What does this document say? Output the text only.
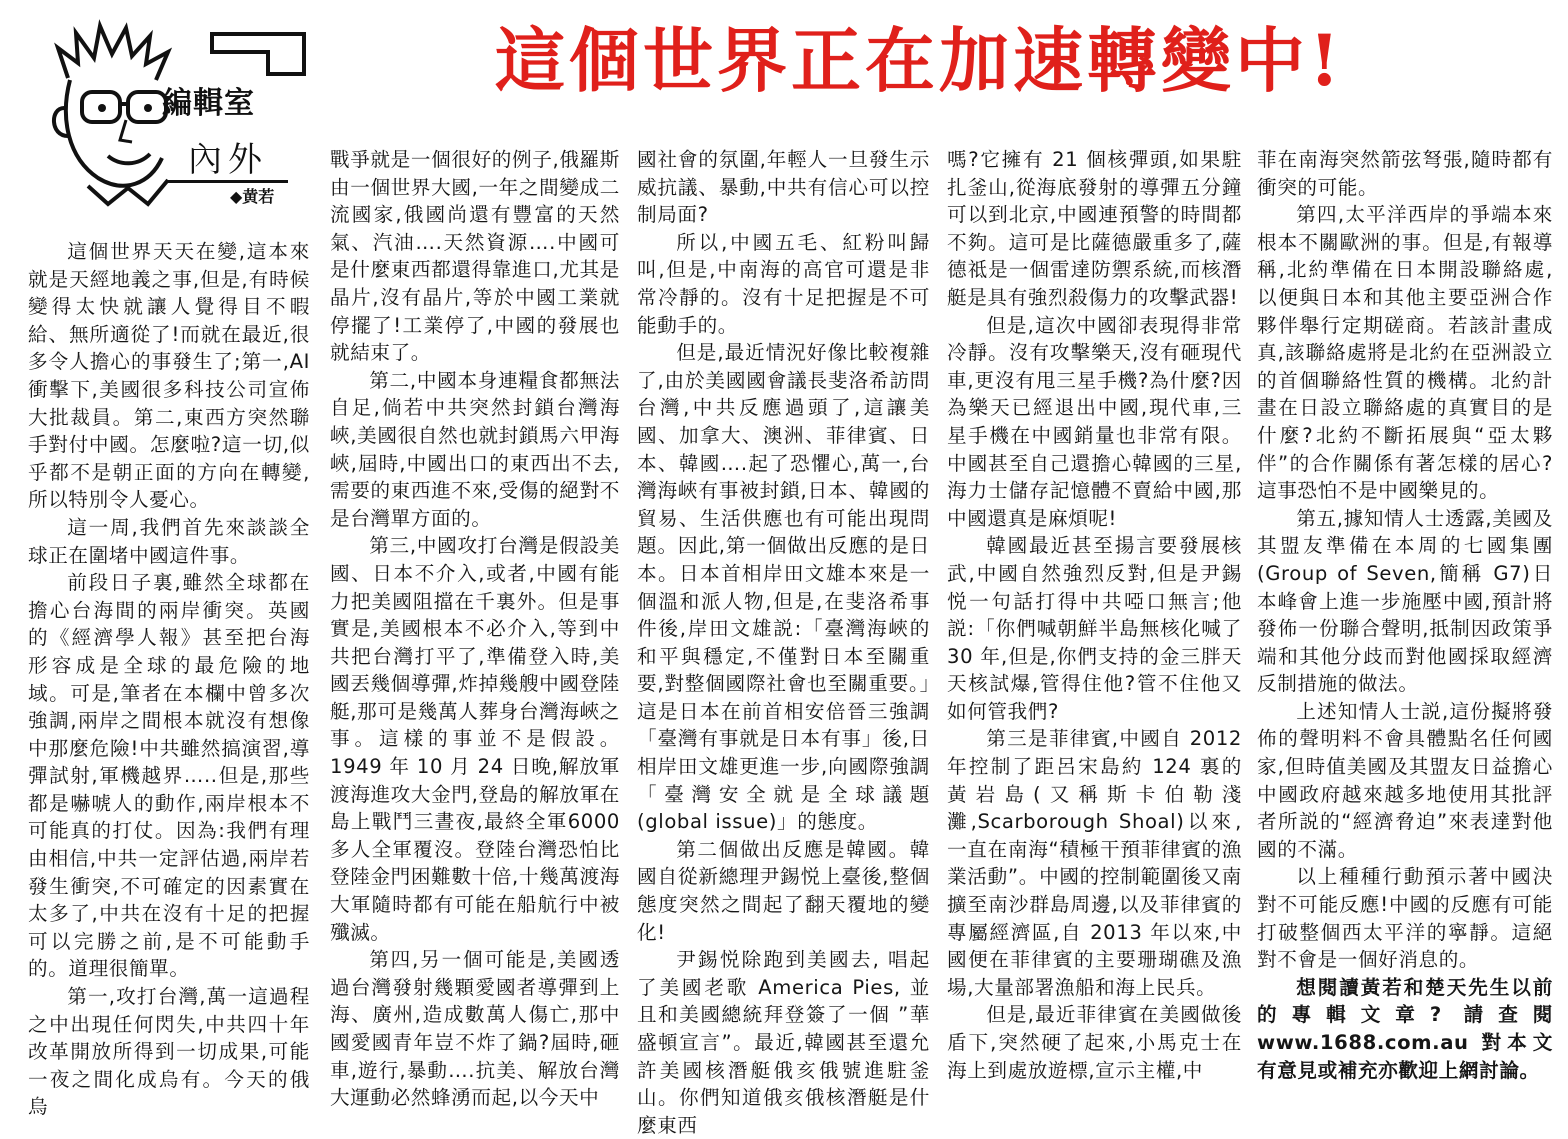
編輯室
內外
◆黄若
這個世界正在加速轉變中!

這個世界天天在變,這本來就是天經地義之事,但是,有時候變得太快就讓人覺得目不暇給、無所適從了!而就在最近,很多令人擔心的事發生了;第一,AI 衝擊下,美國很多科技公司宣佈大批裁員。第二,東西方突然聯手對付中國。怎麼啦?這一切,似乎都不是朝正面的方向在轉變,所以特別令人憂心。

這一周,我們首先來談談全球正在圍堵中國這件事。

前段日子裏,雖然全球都在擔心台海間的兩岸衝突。英國的《經濟學人報》甚至把台海形容成是全球的最危險的地域。可是,筆者在本欄中曾多次強調,兩岸之間根本就沒有想像中那麼危險!中共雖然搞演習,導彈試射,軍機越界…..但是,那些都是嚇唬人的動作,兩岸根本不可能真的打仗。因為:我們有理由相信,中共一定評估過,兩岸若發生衝突,不可確定的因素實在太多了,中共在沒有十足的把握可以完勝之前,是不可能動手的。道理很簡單。

第一,攻打台灣,萬一這過程之中出現任何閃失,中共四十年改革開放所得到一切成果,可能一夜之間化成烏有。今天的俄烏

戰爭就是一個很好的例子,俄羅斯由一個世界大國,一年之間變成二流國家,俄國尚還有豐富的天然氣、汽油….天然資源….中國可是什麼東西都還得靠進口,尤其是晶片,沒有晶片,等於中國工業就停擺了!工業停了,中國的發展也就結束了。

第二,中國本身連糧食都無法自足,倘若中共突然封鎖台灣海峽,美國很自然也就封鎖馬六甲海峽,屆時,中國出口的東西出不去,需要的東西進不來,受傷的絕對不是台灣單方面的。

第三,中國攻打台灣是假設美國、日本不介入,或者,中國有能力把美國阻擋在千裏外。但是事實是,美國根本不必介入,等到中共把台灣打平了,準備登入時,美國丟幾個導彈,炸掉幾艘中國登陸艇,那可是幾萬人葬身台灣海峽之事。這樣的事並不是假設。1949 年 10 月 24 日晚,解放軍渡海進攻大金門,登島的解放軍在島上戰鬥三晝夜,最終全軍6000 多人全軍覆沒。登陸台灣恐怕比登陸金門困難數十倍,十幾萬渡海大軍隨時都有可能在船航行中被殲滅。

第四,另一個可能是,美國透過台灣發射幾顆愛國者導彈到上海、廣州,造成數萬人傷亡,那中國愛國青年豈不炸了鍋?屆時,砸車,遊行,暴動….抗美、解放台灣大運動必然蜂湧而起,以今天中

國社會的氛圍,年輕人一旦發生示威抗議、暴動,中共有信心可以控制局面?

所以,中國五毛、紅粉叫歸叫,但是,中南海的高官可還是非常冷靜的。沒有十足把握是不可能動手的。

但是,最近情況好像比較複雜了,由於美國國會議長斐洛希訪問台灣,中共反應過頭了,這讓美國、加拿大、澳洲、菲律賓、日本、韓國….起了恐懼心,萬一,台灣海峽有事被封鎖,日本、韓國的貿易、生活供應也有可能出現問題。因此,第一個做出反應的是日本。日本首相岸田文雄本來是一個溫和派人物,但是,在斐洛希事件後,岸田文雄説:「臺灣海峽的和平與穩定,不僅對日本至關重要,對整個國際社會也至關重要。」這是日本在前首相安倍晉三強調「臺灣有事就是日本有事」後,日相岸田文雄更進一步,向國際強調「臺灣安全就是全球議題(global issue)」的態度。

第二個做出反應是韓國。韓國自從新總理尹錫悦上臺後,整個態度突然之間起了翻天覆地的變化!

尹錫悦除跑到美國去, 唱起了美國老歌 America Pies, 並且和美國總統拜登簽了一個 ”華盛頓宣言”。最近,韓國甚至還允許美國核潛艇俄亥俄號進駐釜山。你們知道俄亥俄核潛艇是什麼東西

嗎?它擁有 21 個核彈頭,如果駐扎釜山,從海底發射的導彈五分鐘可以到北京,中國連預警的時間都不夠。這可是比薩德嚴重多了,薩德祗是一個雷達防禦系統,而核潛艇是具有強烈殺傷力的攻擊武器!

但是,這次中國卻表現得非常冷靜。沒有攻擊樂天,沒有砸現代車,更沒有甩三星手機?為什麼?因為樂天已經退出中國,現代車,三星手機在中國銷量也非常有限。中國甚至自己還擔心韓國的三星,海力士儲存記憶體不賣給中國,那中國還真是麻煩呢!

韓國最近甚至揚言要發展核武,中國自然強烈反對,但是尹錫悦一句話打得中共啞口無言;他説:「你們喊朝鮮半島無核化喊了 30 年,但是,你們支持的金三胖天天核試爆,管得住他?管不住他又如何管我們?

第三是菲律賓,中國自 2012 年控制了距呂宋島約 124 裏的黃岩島(又稱斯卡伯勒淺灘,Scarborough Shoal)以來,一直在南海“積極干預菲律賓的漁業活動”。中國的控制範圍後又南擴至南沙群島周邊,以及菲律賓的專屬經濟區,自 2013 年以來,中國便在菲律賓的主要珊瑚礁及漁場,大量部署漁船和海上民兵。

但是,最近菲律賓在美國做後盾下,突然硬了起來,小馬克士在海上到處放遊標,宣示主權,中

菲在南海突然箭弦弩張,隨時都有衝突的可能。

第四,太平洋西岸的爭端本來根本不關歐洲的事。但是,有報導稱,北約準備在日本開設聯絡處,以便與日本和其他主要亞洲合作夥伴舉行定期磋商。若該計畫成真,該聯絡處將是北約在亞洲設立的首個聯絡性質的機構。北約計畫在日設立聯絡處的真實目的是什麼?北約不斷拓展與“亞太夥伴”的合作關係有著怎樣的居心?這事恐怕不是中國樂見的。

第五,據知情人士透露,美國及其盟友準備在本周的七國集團(Group of Seven,簡稱 G7)日本峰會上進一步施壓中國,預計將發佈一份聯合聲明,抵制因政策爭端和其他分歧而對他國採取經濟反制措施的做法。

上述知情人士説,這份擬將發佈的聲明料不會具體點名任何國家,但時值美國及其盟友日益擔心中國政府越來越多地使用其批評者所説的“經濟脅迫”來表達對他國的不滿。

以上種種行動預示著中國決對不可能反應!中國的反應有可能打破整個西太平洋的寧靜。這絕對不會是一個好消息的。

想閱讀黃若和楚天先生以前的專輯文章? 請查閱 www.1688.com.au 對本文有意見或補充亦歡迎上網討論。
